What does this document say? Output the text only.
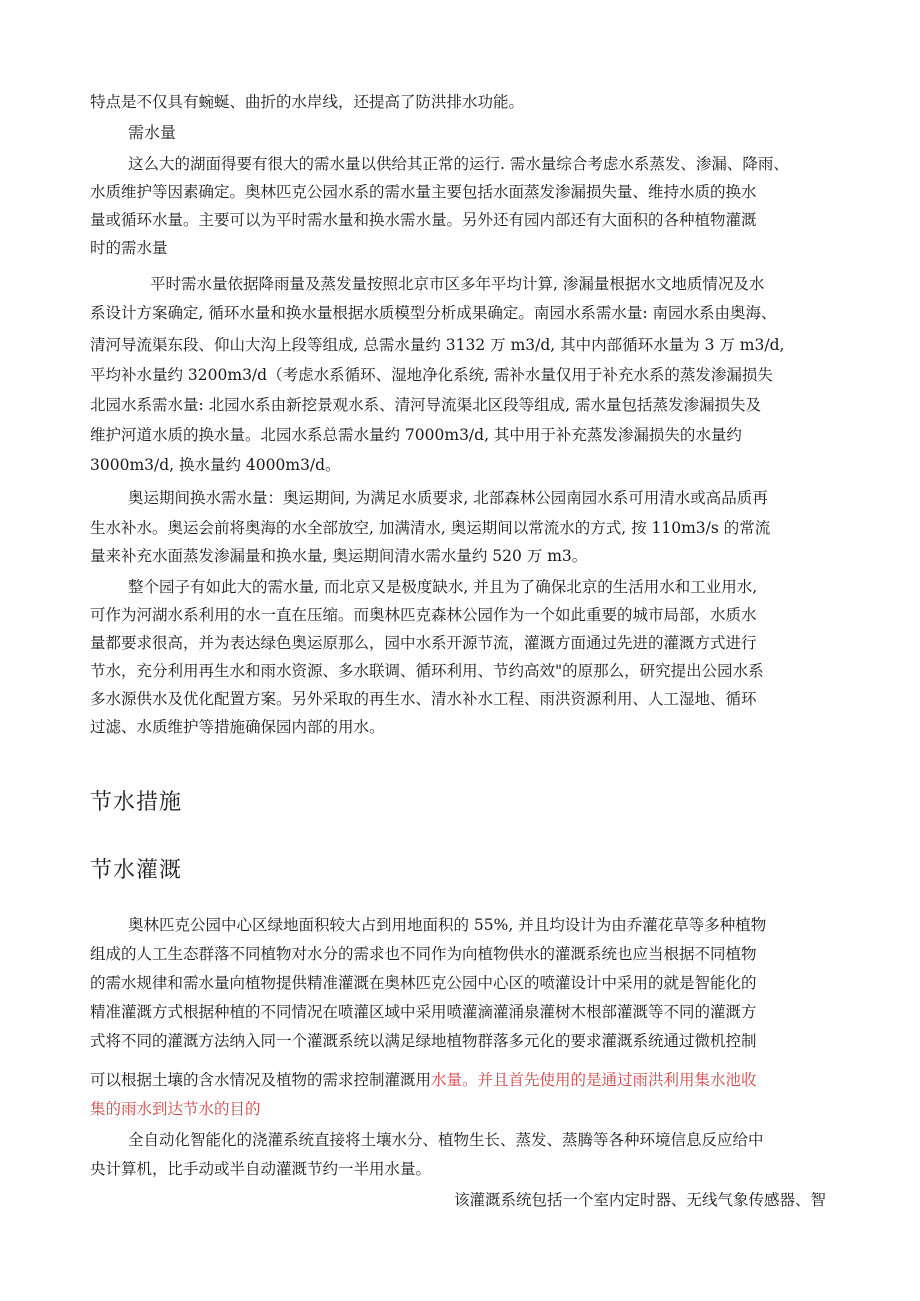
特点是不仅具有蜿蜒、曲折的水岸线，还提高了防洪排水功能。
需水量
这么大的湖面得要有很大的需水量以供给其正常的运行. 需水量综合考虑水系蒸发、渗漏、降雨、
水质维护等因素确定。奥林匹克公园水系的需水量主要包括水面蒸发渗漏损失量、维持水质的换水
量或循环水量。主要可以为平时需水量和换水需水量。另外还有园内部还有大面积的各种植物灌溉
时的需水量
平时需水量依据降雨量及蒸发量按照北京市区多年平均计算, 渗漏量根据水文地质情况及水
系设计方案确定, 循环水量和换水量根据水质模型分析成果确定。南园水系需水量: 南园水系由奥海、
清河导流渠东段、仰山大沟上段等组成, 总需水量约 3132 万 m3/d, 其中内部循环水量为 3 万 m3/d,
平均补水量约 3200m3/d（考虑水系循环、湿地净化系统, 需补水量仅用于补充水系的蒸发渗漏损失
北园水系需水量: 北园水系由新挖景观水系、清河导流渠北区段等组成, 需水量包括蒸发渗漏损失及
维护河道水质的换水量。北园水系总需水量约 7000m3/d, 其中用于补充蒸发渗漏损失的水量约
3000m3/d, 换水量约 4000m3/d。
奥运期间换水需水量：奥运期间, 为满足水质要求, 北部森林公园南园水系可用清水或高品质再
生水补水。奥运会前将奥海的水全部放空, 加满清水, 奥运期间以常流水的方式, 按 110m3/s 的常流
量来补充水面蒸发渗漏量和换水量, 奥运期间清水需水量约 520 万 m3。
整个园子有如此大的需水量, 而北京又是极度缺水, 并且为了确保北京的生活用水和工业用水,
可作为河湖水系利用的水一直在压缩。而奥林匹克森林公园作为一个如此重要的城市局部，水质水
量都要求很高，并为表达绿色奥运原那么，园中水系开源节流，灌溉方面通过先进的灌溉方式进行
节水，充分利用再生水和雨水资源、多水联调、循环利用、节约高效"的原那么，研究提出公园水系
多水源供水及优化配置方案。另外采取的再生水、清水补水工程、雨洪资源利用、人工湿地、循环
过滤、水质维护等措施确保园内部的用水。
节水措施
节水灌溉
奥林匹克公园中心区绿地面积较大占到用地面积的 55%, 并且均设计为由乔灌花草等多种植物
组成的人工生态群落不同植物对水分的需求也不同作为向植物供水的灌溉系统也应当根据不同植物
的需水规律和需水量向植物提供精准灌溉在奥林匹克公园中心区的喷灌设计中采用的就是智能化的
精准灌溉方式根据种植的不同情况在喷灌区域中采用喷灌滴灌涌泉灌树木根部灌溉等不同的灌溉方
式将不同的灌溉方法纳入同一个灌溉系统以满足绿地植物群落多元化的要求灌溉系统通过微机控制
可以根据土壤的含水情况及植物的需求控制灌溉用水量。并且首先使用的是通过雨洪利用集水池收
集的雨水到达节水的目的
全自动化智能化的浇灌系统直接将土壤水分、植物生长、蒸发、蒸腾等各种环境信息反应给中
央计算机，比手动或半自动灌溉节约一半用水量。
该灌溉系统包括一个室内定时器、无线气象传感器、智
